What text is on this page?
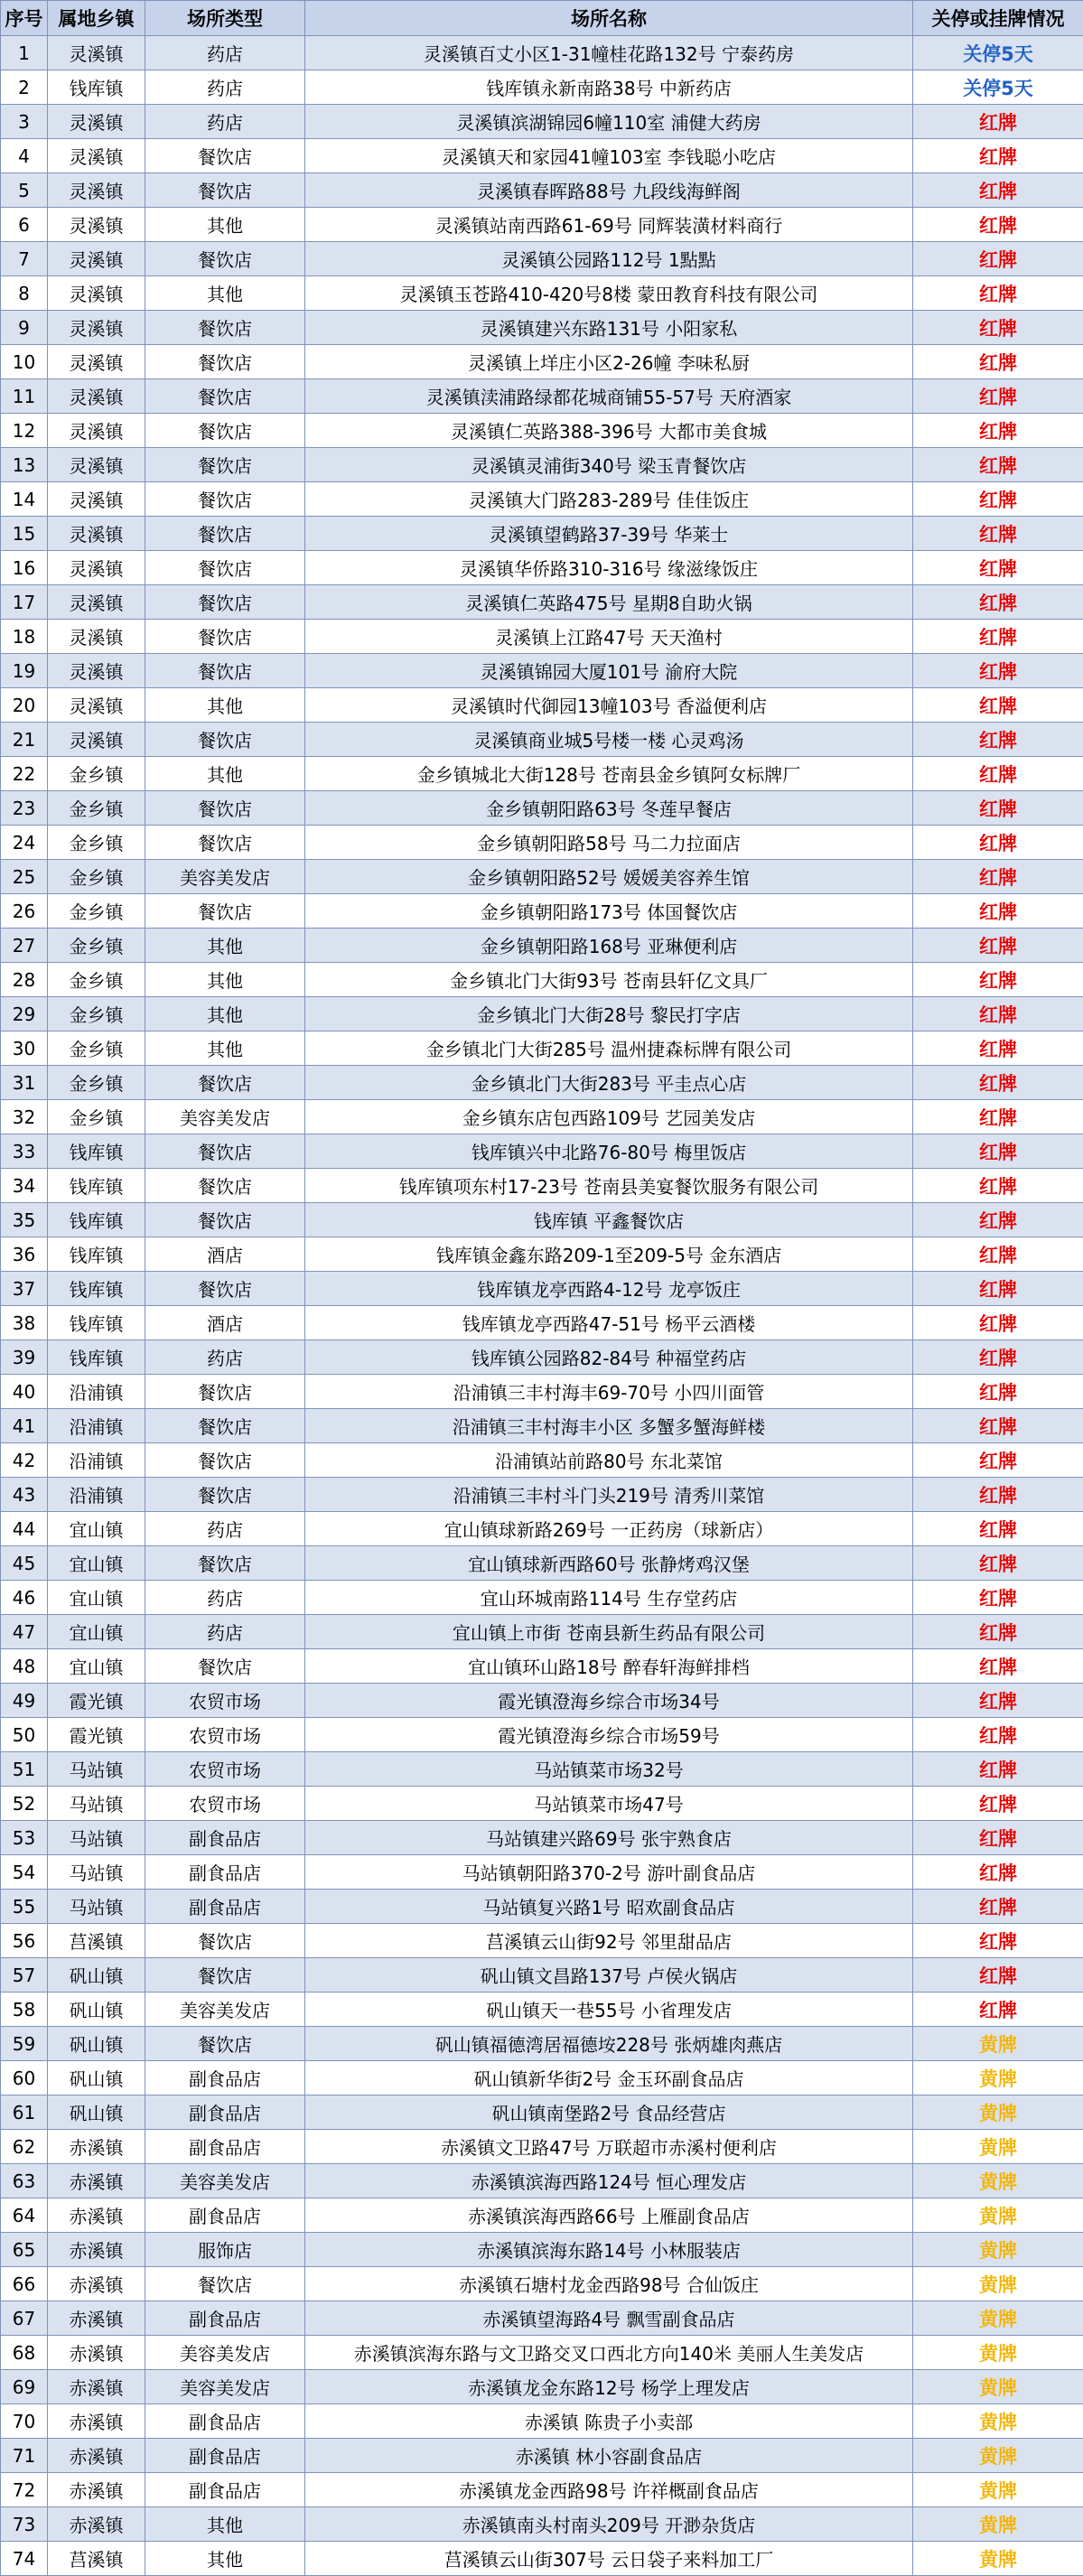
序号	属地乡镇	场所类型	场所名称	关停或挂牌情况
1	灵溪镇	药店	灵溪镇百丈小区1-31幢桂花路132号 宁泰药房	关停5天
2	钱库镇	药店	钱库镇永新南路38号 中新药店	关停5天
3	灵溪镇	药店	灵溪镇滨湖锦园6幢110室 浦健大药房	红牌
4	灵溪镇	餐饮店	灵溪镇天和家园41幢103室 李钱聪小吃店	红牌
5	灵溪镇	餐饮店	灵溪镇春晖路88号 九段线海鲜阁	红牌
6	灵溪镇	其他	灵溪镇站南西路61-69号 同辉装潢材料商行	红牌
7	灵溪镇	餐饮店	灵溪镇公园路112号 1點點	红牌
8	灵溪镇	其他	灵溪镇玉苍路410-420号8楼 蒙田教育科技有限公司	红牌
9	灵溪镇	餐饮店	灵溪镇建兴东路131号 小阳家私	红牌
10	灵溪镇	餐饮店	灵溪镇上垟庄小区2-26幢 李味私厨	红牌
11	灵溪镇	餐饮店	灵溪镇渎浦路绿都花城商铺55-57号 天府酒家	红牌
12	灵溪镇	餐饮店	灵溪镇仁英路388-396号 大都市美食城	红牌
13	灵溪镇	餐饮店	灵溪镇灵浦街340号 梁玉青餐饮店	红牌
14	灵溪镇	餐饮店	灵溪镇大门路283-289号 佳佳饭庄	红牌
15	灵溪镇	餐饮店	灵溪镇望鹤路37-39号 华莱士	红牌
16	灵溪镇	餐饮店	灵溪镇华侨路310-316号 缘滋缘饭庄	红牌
17	灵溪镇	餐饮店	灵溪镇仁英路475号 星期8自助火锅	红牌
18	灵溪镇	餐饮店	灵溪镇上江路47号 天天渔村	红牌
19	灵溪镇	餐饮店	灵溪镇锦园大厦101号 渝府大院	红牌
20	灵溪镇	其他	灵溪镇时代御园13幢103号 香溢便利店	红牌
21	灵溪镇	餐饮店	灵溪镇商业城5号楼一楼 心灵鸡汤	红牌
22	金乡镇	其他	金乡镇城北大街128号 苍南县金乡镇阿女标牌厂	红牌
23	金乡镇	餐饮店	金乡镇朝阳路63号 冬莲早餐店	红牌
24	金乡镇	餐饮店	金乡镇朝阳路58号 马二力拉面店	红牌
25	金乡镇	美容美发店	金乡镇朝阳路52号 媛媛美容养生馆	红牌
26	金乡镇	餐饮店	金乡镇朝阳路173号 体国餐饮店	红牌
27	金乡镇	其他	金乡镇朝阳路168号 亚琳便利店	红牌
28	金乡镇	其他	金乡镇北门大街93号 苍南县轩亿文具厂	红牌
29	金乡镇	其他	金乡镇北门大街28号 黎民打字店	红牌
30	金乡镇	其他	金乡镇北门大街285号 温州捷森标牌有限公司	红牌
31	金乡镇	餐饮店	金乡镇北门大街283号 平圭点心店	红牌
32	金乡镇	美容美发店	金乡镇东店包西路109号 艺园美发店	红牌
33	钱库镇	餐饮店	钱库镇兴中北路76-80号 梅里饭店	红牌
34	钱库镇	餐饮店	钱库镇项东村17-23号 苍南县美宴餐饮服务有限公司	红牌
35	钱库镇	餐饮店	钱库镇 平鑫餐饮店	红牌
36	钱库镇	酒店	钱库镇金鑫东路209-1至209-5号 金东酒店	红牌
37	钱库镇	餐饮店	钱库镇龙亭西路4-12号 龙亭饭庄	红牌
38	钱库镇	酒店	钱库镇龙亭西路47-51号 杨平云酒楼	红牌
39	钱库镇	药店	钱库镇公园路82-84号 种福堂药店	红牌
40	沿浦镇	餐饮店	沿浦镇三丰村海丰69-70号 小四川面管	红牌
41	沿浦镇	餐饮店	沿浦镇三丰村海丰小区 多蟹多蟹海鲜楼	红牌
42	沿浦镇	餐饮店	沿浦镇站前路80号 东北菜馆	红牌
43	沿浦镇	餐饮店	沿浦镇三丰村斗门头219号 清秀川菜馆	红牌
44	宜山镇	药店	宜山镇球新路269号 一正药房（球新店）	红牌
45	宜山镇	餐饮店	宜山镇球新西路60号 张静烤鸡汉堡	红牌
46	宜山镇	药店	宜山环城南路114号 生存堂药店	红牌
47	宜山镇	药店	宜山镇上市街 苍南县新生药品有限公司	红牌
48	宜山镇	餐饮店	宜山镇环山路18号 醉春轩海鲜排档	红牌
49	霞光镇	农贸市场	霞光镇澄海乡综合市场34号	红牌
50	霞光镇	农贸市场	霞光镇澄海乡综合市场59号	红牌
51	马站镇	农贸市场	马站镇菜市场32号	红牌
52	马站镇	农贸市场	马站镇菜市场47号	红牌
53	马站镇	副食品店	马站镇建兴路69号 张宇熟食店	红牌
54	马站镇	副食品店	马站镇朝阳路370-2号 游叶副食品店	红牌
55	马站镇	副食品店	马站镇复兴路1号 昭欢副食品店	红牌
56	莒溪镇	餐饮店	莒溪镇云山街92号 邻里甜品店	红牌
57	矾山镇	餐饮店	矾山镇文昌路137号 卢侯火锅店	红牌
58	矾山镇	美容美发店	矾山镇天一巷55号 小省理发店	红牌
59	矾山镇	餐饮店	矾山镇福德湾居福德垵228号 张炳雄肉燕店	黄牌
60	矾山镇	副食品店	矾山镇新华街2号 金玉环副食品店	黄牌
61	矾山镇	副食品店	矾山镇南堡路2号 食品经营店	黄牌
62	赤溪镇	副食品店	赤溪镇文卫路47号 万联超市赤溪村便利店	黄牌
63	赤溪镇	美容美发店	赤溪镇滨海西路124号 恒心理发店	黄牌
64	赤溪镇	副食品店	赤溪镇滨海西路66号 上雁副食品店	黄牌
65	赤溪镇	服饰店	赤溪镇滨海东路14号 小林服装店	黄牌
66	赤溪镇	餐饮店	赤溪镇石塘村龙金西路98号 合仙饭庄	黄牌
67	赤溪镇	副食品店	赤溪镇望海路4号 飘雪副食品店	黄牌
68	赤溪镇	美容美发店	赤溪镇滨海东路与文卫路交叉口西北方向140米 美丽人生美发店	黄牌
69	赤溪镇	美容美发店	赤溪镇龙金东路12号 杨学上理发店	黄牌
70	赤溪镇	副食品店	赤溪镇 陈贵子小卖部	黄牌
71	赤溪镇	副食品店	赤溪镇 林小容副食品店	黄牌
72	赤溪镇	副食品店	赤溪镇龙金西路98号 许祥概副食品店	黄牌
73	赤溪镇	其他	赤溪镇南头村南头209号 开渺杂货店	黄牌
74	莒溪镇	其他	莒溪镇云山街307号 云日袋子来料加工厂	黄牌
